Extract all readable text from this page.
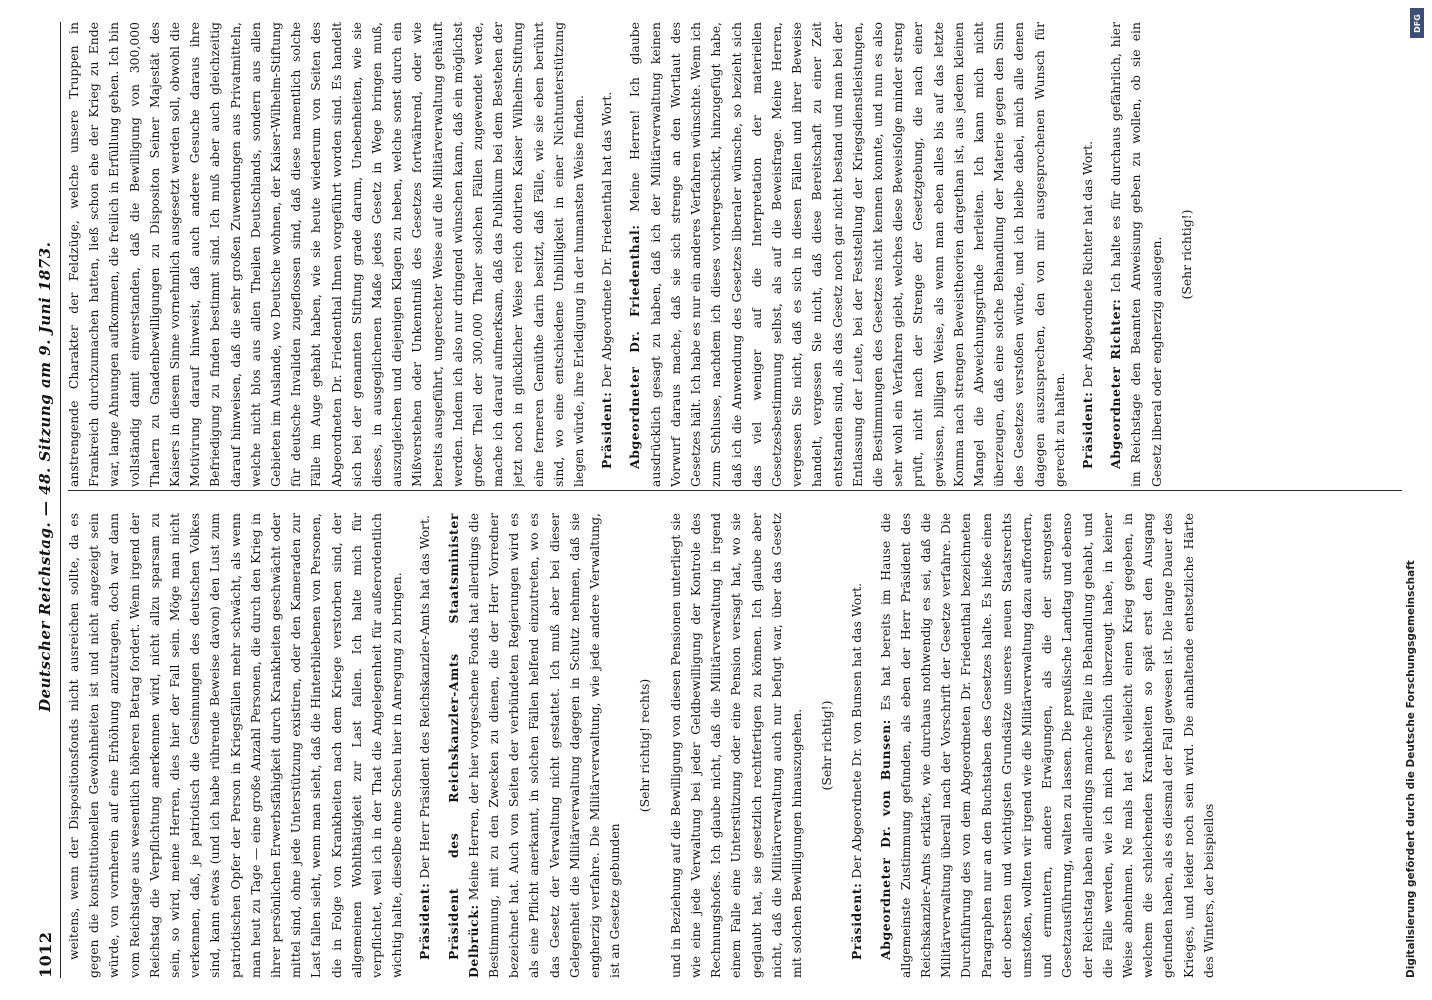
1012
Deutscher Reichstag. — 48. Sitzung am 9. Juni 1873.

weitens, wenn der Dispositionsfonds nicht ausreichen sollte, da es gegen die konstitutionellen Gewohnheiten ist und nicht angezeigt sein würde, von vornherein auf eine Erhöhung anzutragen, doch war dann vom Reichstage aus wesentlich höheren Betrag fordert. Wenn irgend der Reichstag die Verpflichtung anerkennen wird, nicht allzu sparsam zu sein, so wird, meine Herren, dies hier der Fall sein. Möge man nicht verkennen, daß, je patriotisch die Gesinnungen des deutschen Volkes sind, kann etwas (und ich habe rührende Beweise davon) den Lust zum patriotischen Opfer der Person in Kriegsfällen mehr schwächt, als wenn man heut zu Tage — eine große Anzahl Personen, die durch den Krieg in ihrer persönlichen Erwerbsfähigkeit durch Krankheiten geschwächt oder mittel sind, ohne jede Unterstützung existiren, oder den Kameraden zur Last fallen sieht, wenn man sieht, daß die Hinterbliebenen von Personen, die in Folge von Krankheiten nach dem Kriege verstorben sind, der allgemeinen Wohlthätigkeit zur Last fallen. Ich halte mich für verpflichtet, weil ich in der That die Angelegenheit für außerordentlich wichtig halte, dieselbe ohne Scheu hier in Anregung zu bringen. Präsident: Der Herr Präsident des Reichskanzler-Amts hat das Wort. Präsident des Reichskanzler-Amts Staatsminister Delbrück: Meine Herren, der hier vorgeschene Fonds hat allerdings die Bestimmung, mit zu den Zwecken zu dienen, die der Herr Vorredner bezeichnet hat. Auch von Seiten der verbündeten Regierungen wird es als eine Pflicht anerkannt, in solchen Fällen helfend einzutreten, wo es das Gesetz der Verwaltung nicht gestattet. Ich muß aber bei dieser Gelegenheit die Militärverwaltung dagegen in Schutz nehmen, daß sie engherzig verfahre. Die Militärverwaltung, wie jede andere Verwaltung, ist an Gesetze gebunden

(Sehr richtig! rechts) und in Beziehung auf die Bewilligung von diesen Pensionen unterliegt sie wie eine jede Verwaltung bei jeder Geldbewilligung der Kontrole des Rechnungshofes. Ich glaube nicht, daß die Militärverwaltung in irgend einem Falle eine Unterstützung oder eine Pension versagt hat, wo sie geglaubt hat, sie gesetzlich rechtfertigen zu können. Ich glaube aber nicht, daß die Militärverwaltung auch nur befugt war, über das Gesetz mit solchen Bewilligungen hinauszugehen. (Sehr richtig!)

Präsident: Der Abgeordnete Dr. von Bunsen hat das Wort. Abgeordneter Dr. von Bunsen: Es hat bereits im Hause die allgemeinste Zustimmung gefunden, als eben der Herr Präsident des Reichskanzler-Amts erklärte, wie durchaus nothwendig es sei, daß die Militärverwaltung überall nach der Vorschrift der Gesetze verfahre. Die Durchführung des von dem Abgeordneten Dr. Friedenthal bezeichneten Paragraphen nur an den Buchstaben des Gesetzes halte. Es hieße einen der obersten und wichtigsten Grundsätze unseres neuen Staatsrechts umstoßen, wollten wir irgend wie die Militärverwaltung dazu auffordern, und ermuntern, andere Erwägungen, als die der strengsten Gesetzausführung, walten zu lassen. Die preußische Landtag und ebenso der Reichstag haben allerdings manche Fälle in Behandlung gehabt, und die Fälle werden, wie ich mich persönlich überzeugt habe, in keiner Weise abnehmen. Ne mals hat es vielleicht einen Krieg gegeben, in welchem die schleichenden Krankheiten so spät erst den Ausgang gefunden haben, als es diesmal der Fall gewesen ist. Die lange Dauer des Krieges, und leider noch sein wird. Die anhaltende entsetzliche Härte des Winters, der beispiellos

anstrengende Charakter der Feldzüge, welche unsere Truppen in Frankreich durchzumachen hatten, ließ schon ehe der Krieg zu Ende war, lange Ahnungen aufkommen, die freilich in Erfüllung gehen. Ich bin vollständig damit einverstanden, daß die Bewilligung von 300,000 Thalern zu Gnadenbewilligungen zu Dispositon Seiner Majestät des Kaisers in diesem Sinne vornehmlich ausgesetzt werden soll, obwohl die Motivirung darauf hinweist, daß auch andere Gesuche daraus ihre Befriedigung zu finden bestimmt sind. Ich muß aber auch gleichzeitig darauf hinweisen, daß die sehr großen Zuwendungen aus Privatmitteln, welche nicht blos aus allen Theilen Deutschlands, sondern aus allen Gebieten im Auslande, wo Deutsche wohnen, der Kaiser-Wilhelm-Stiftung für deutsche Invaliden zugeflossen sind, daß diese namentlich solche Fälle im Auge gehabt haben, wie sie heute wiederum von Seiten des Abgeordneten Dr. Friedenthal Ihnen vorgeführt worden sind. Es handelt sich bei der genannten Stiftung grade darum, Unebenheiten, wie sie dieses, in ausgeglichenen Maße jedes Gesetz in Wege bringen muß, auszugleichen und diejenigen Klagen zu heben, welche sonst durch ein Mißverstehen oder Unkenntniß des Gesetzes fortwährend, oder wie bereits ausgeführt, ungerechter Weise auf die Militärverwaltung gehäuft werden. Indem ich also nur dringend wünschen kann, daß ein möglichst großer Theil der 300,000 Thaler solchen Fällen zugewendet werde, mache ich darauf aufmerksam, daß das Publikum bei dem Bestehen der jetzt noch in glücklicher Weise reich dotirten Kaiser Wilhelm-Stiftung eine ferneren Gemüthe darin besitzt, daß Fälle, wie sie eben berührt sind, wo eine entschiedene Unbilligkeit in einer Nichtunterstützung liegen würde, ihre Erledigung in der humansten Weise finden. Präsident: Der Abgeordnete Dr. Friedenthal hat das Wort. Abgeordneter Dr. Friedenthal: Meine Herren! Ich glaube ausdrücklich gesagt zu haben, daß ich der Militärverwaltung keinen Vorwurf daraus mache, daß sie sich strenge an den Wortlaut des Gesetzes hält. Ich habe es nur ein anderes Verfahren wünschte. Wenn ich zum Schlusse, nachdem ich dieses vorhergeschickt, hinzugefügt habe, daß ich die Anwendung des Gesetzes liberaler wünsche, so bezieht sich das viel weniger auf die Interpretation der materiellen Gesetzesbestimmung selbst, als auf die Beweisfrage. Meine Herren, vergessen Sie nicht, daß es sich in diesen Fällen und ihrer Beweise handelt, vergessen Sie nicht, daß diese Bereitschaft zu einer Zeit entstanden sind, als das Gesetz noch gar nicht bestand und man bei der Entlassung der Leute, bei der Feststellung der Kriegsdienstleistungen, die Bestimmungen des Gesetzes nicht kennen konnte, und nun es also sehr wohl ein Verfahren giebt, welches diese Beweisfolge minder streng prüft, nicht nach der Strenge der Gesetzgebung, die nach einer gewissen, billigen Weise, als wenn man eben alles bis auf das letzte Komma nach strengen Beweistheorien dargethan ist, aus jedem kleinen Mangel die Abweichungsgründe herleiten. Ich kann mich nicht überzeugen, daß eine solche Behandlung der Materie gegen den Sinn des Gesetzes verstoßen würde, und ich bleibe dabei, mich alle denen dagegen auszusprechen, den von mir ausgesprochenen Wunsch für gerecht zu halten. Präsident: Der Abgeordnete Richter hat das Wort. Abgeordneter Richter: Ich halte es für durchaus gefährlich, hier im Reichstage den Beamten Anweisung geben zu wollen, ob sie ein Gesetz liberal oder engherzig auslegen. (Sehr richtig!)

Digitalisierung gefördert durch die Deutsche Forschungsgemeinschaft
DFG
